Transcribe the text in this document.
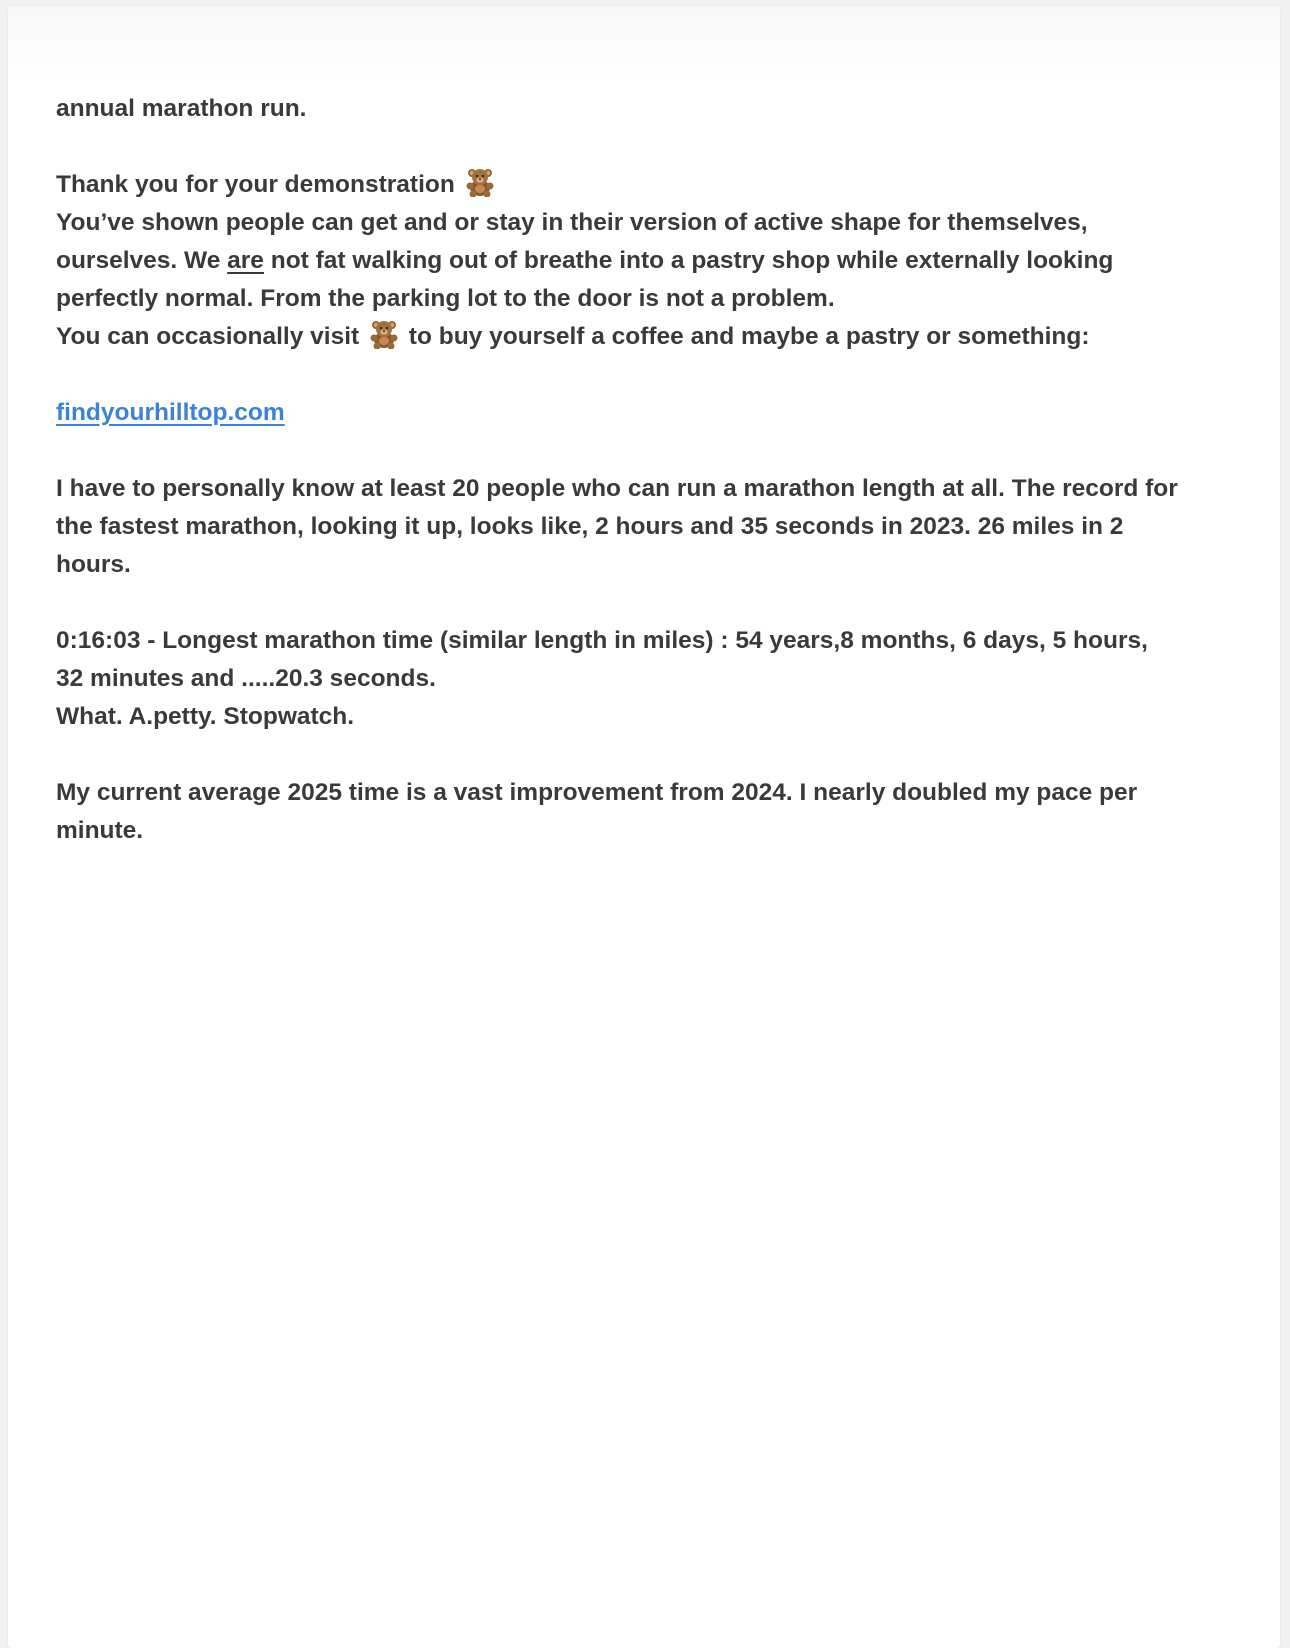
annual marathon run.
Thank you for your demonstration
You’ve shown people can get and or stay in their version of active shape for themselves,
ourselves. We are not fat walking out of breathe into a pastry shop while externally looking
perfectly normal. From the parking lot to the door is not a problem.
You can occasionally visit  to buy yourself a coffee and maybe a pastry or something:
findyourhilltop.com
I have to personally know at least 20 people who can run a marathon length at all. The record for
the fastest marathon, looking it up, looks like, 2 hours and 35 seconds in 2023. 26 miles in 2
hours.
0:16:03 - Longest marathon time (similar length in miles) : 54 years,8 months, 6 days, 5 hours,
32 minutes and .....20.3 seconds.
What. A.petty. Stopwatch.
My current average 2025 time is a vast improvement from 2024. I nearly doubled my pace per
minute.
